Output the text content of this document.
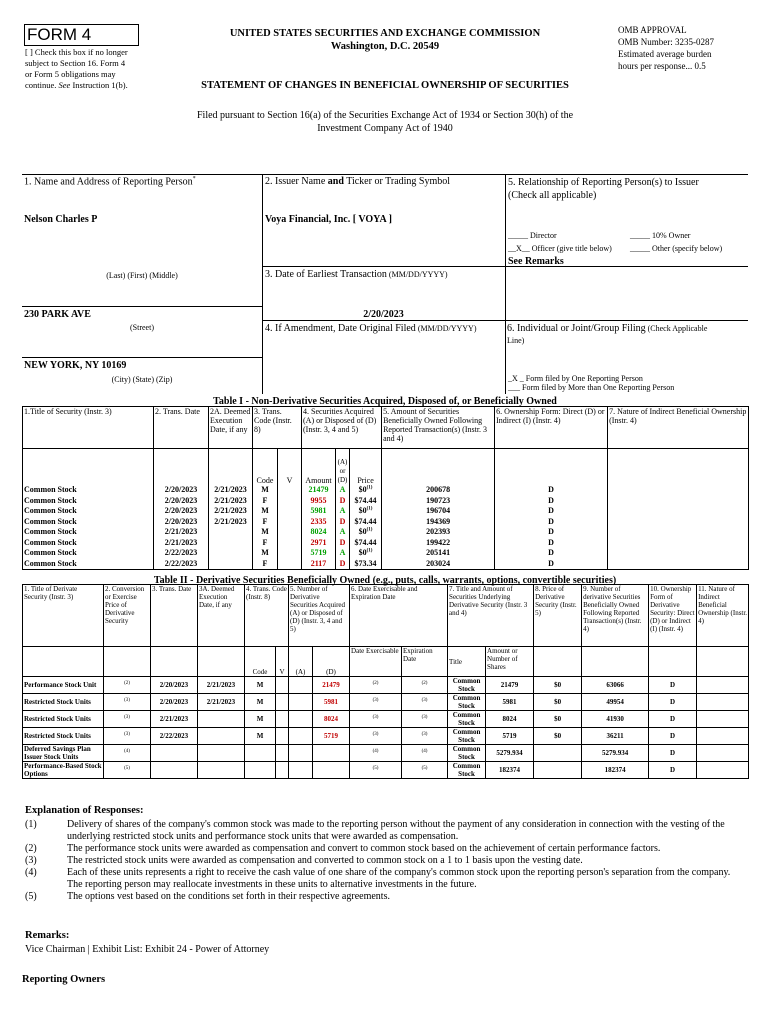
FORM 4
[ ] Check this box if no longer
subject to Section 16. Form 4
or Form 5 obligations may
continue. See Instruction 1(b).
UNITED STATES SECURITIES AND EXCHANGE COMMISSION
Washington, D.C. 20549
STATEMENT OF CHANGES IN BENEFICIAL OWNERSHIP OF SECURITIES
OMB APPROVAL
OMB Number: 3235-0287
Estimated average burden
hours per response... 0.5
Filed pursuant to Section 16(a) of the Securities Exchange Act of 1934 or Section 30(h) of the
Investment Company Act of 1940
1. Name and Address of Reporting Person*
Nelson Charles P
(Last) (First) (Middle)
230 PARK AVE
(Street)
NEW YORK, NY 10169
(City) (State) (Zip)
2. Issuer Name and Ticker or Trading Symbol
Voya Financial, Inc. [ VOYA ]
3. Date of Earliest Transaction (MM/DD/YYYY)
2/20/2023
4. If Amendment, Date Original Filed (MM/DD/YYYY)
5. Relationship of Reporting Person(s) to Issuer
(Check all applicable)
_____ Director	_____ 10% Owner
__X__ Officer (give title below) _____ Other (specify below)
See Remarks
6. Individual or Joint/Group Filing (Check Applicable
Line)
_X _ Form filed by One Reporting Person
___ Form filed by More than One Reporting Person
Table I - Non-Derivative Securities Acquired, Disposed of, or Beneficially Owned
1.Title of Security (Instr. 3)	2. Trans. Date	2A. Deemed Execution Date, if any	3. Trans. Code (Instr. 8)		4. Securities Acquired (A) or Disposed of (D) (Instr. 3, 4 and 5)			5. Amount of Securities Beneficially Owned Following Reported Transaction(s) (Instr. 3 and 4)	6. Ownership Form: Direct (D) or Indirect (I) (Instr. 4)	7. Nature of Indirect Beneficial Ownership (Instr. 4)
			Code	V	Amount	(A) or (D)	Price			
Common Stock	2/20/2023	2/21/2023	M		21479	A	$0$^{(1)}$	200678	D	
Common Stock	2/20/2023	2/21/2023	F		9955	D	$74.44	190723	D	
Common Stock	2/20/2023	2/21/2023	M		5981	A	$0$^{(1)}$	196704	D	
Common Stock	2/20/2023	2/21/2023	F		2335	D	$74.44	194369	D	
Common Stock	2/21/2023		M		8024	A	$0$^{(1)}$	202393	D	
Common Stock	2/21/2023		F		2971	D	$74.44	199422	D	
Common Stock	2/22/2023		M		5719	A	$0$^{(1)}$	205141	D	
Common Stock	2/22/2023		F		2117	D	$73.34	203024	D	
Table II - Derivative Securities Beneficially Owned (e.g., puts, calls, warrants, options, convertible securities)
1. Title of Derivate Security (Instr. 3)	2. Conversion or Exercise Price of Derivative Security	3. Trans. Date	3A. Deemed Execution Date, if any	4. Trans. Code (Instr. 8)		5. Number of Derivative Securities Acquired (A) or Disposed of (D) (Instr. 3, 4 and 5)		6. Date Exercisable and Expiration Date		7. Title and Amount of Securities Underlying Derivative Security (Instr. 3 and 4)		8. Price of Derivative Security (Instr. 5)	9. Number of derivative Securities Beneficially Owned Following Reported Transaction(s) (Instr. 4)	10. Ownership Form of Derivative Security: Direct (D) or Indirect (I) (Instr. 4)	11. Nature of Indirect Beneficial Ownership (Instr. 4)
				Code	V	(A)	(D)	Date Exercisable	Expiration Date	Title	Amount or Number of Shares				
Performance Stock Unit	$^{(2)}$	2/20/2023	2/21/2023	M			21479	$^{(2)}$	$^{(2)}$	Common Stock	21479	$0	63066	D	
Restricted Stock Units	$^{(3)}$	2/20/2023	2/21/2023	M			5981	$^{(3)}$	$^{(3)}$	Common Stock	5981	$0	49954	D	
Restricted Stock Units	$^{(3)}$	2/21/2023		M			8024	$^{(3)}$	$^{(3)}$	Common Stock	8024	$0	41930	D	
Restricted Stock Units	$^{(3)}$	2/22/2023		M			5719	$^{(3)}$	$^{(3)}$	Common Stock	5719	$0	36211	D	
Deferred Savings Plan Issuer Stock Units	$^{(4)}$							$^{(4)}$	$^{(4)}$	Common Stock	5279.934		5279.934	D	
Performance-Based Stock Options	$^{(5)}$							$^{(5)}$	$^{(5)}$	Common Stock	182374		182374	D	
Explanation of Responses:
(1)	Delivery of shares of the company's common stock was made to the reporting person without the payment of any consideration in connection with the vesting of the underlying restricted stock units and performance stock units that were awarded as compensation.
(2)	The performance stock units were awarded as compensation and convert to common stock based on the achievement of certain performance factors.
(3)	The restricted stock units were awarded as compensation and converted to common stock on a 1 to 1 basis upon the vesting date.
(4)	Each of these units represents a right to receive the cash value of one share of the company's common stock upon the reporting person's separation from the company. The reporting person may reallocate investments in these units to alternative investments in the future.
(5)	The options vest based on the conditions set forth in their respective agreements.
Remarks:
Vice Chairman | Exhibit List: Exhibit 24 - Power of Attorney
Reporting Owners
